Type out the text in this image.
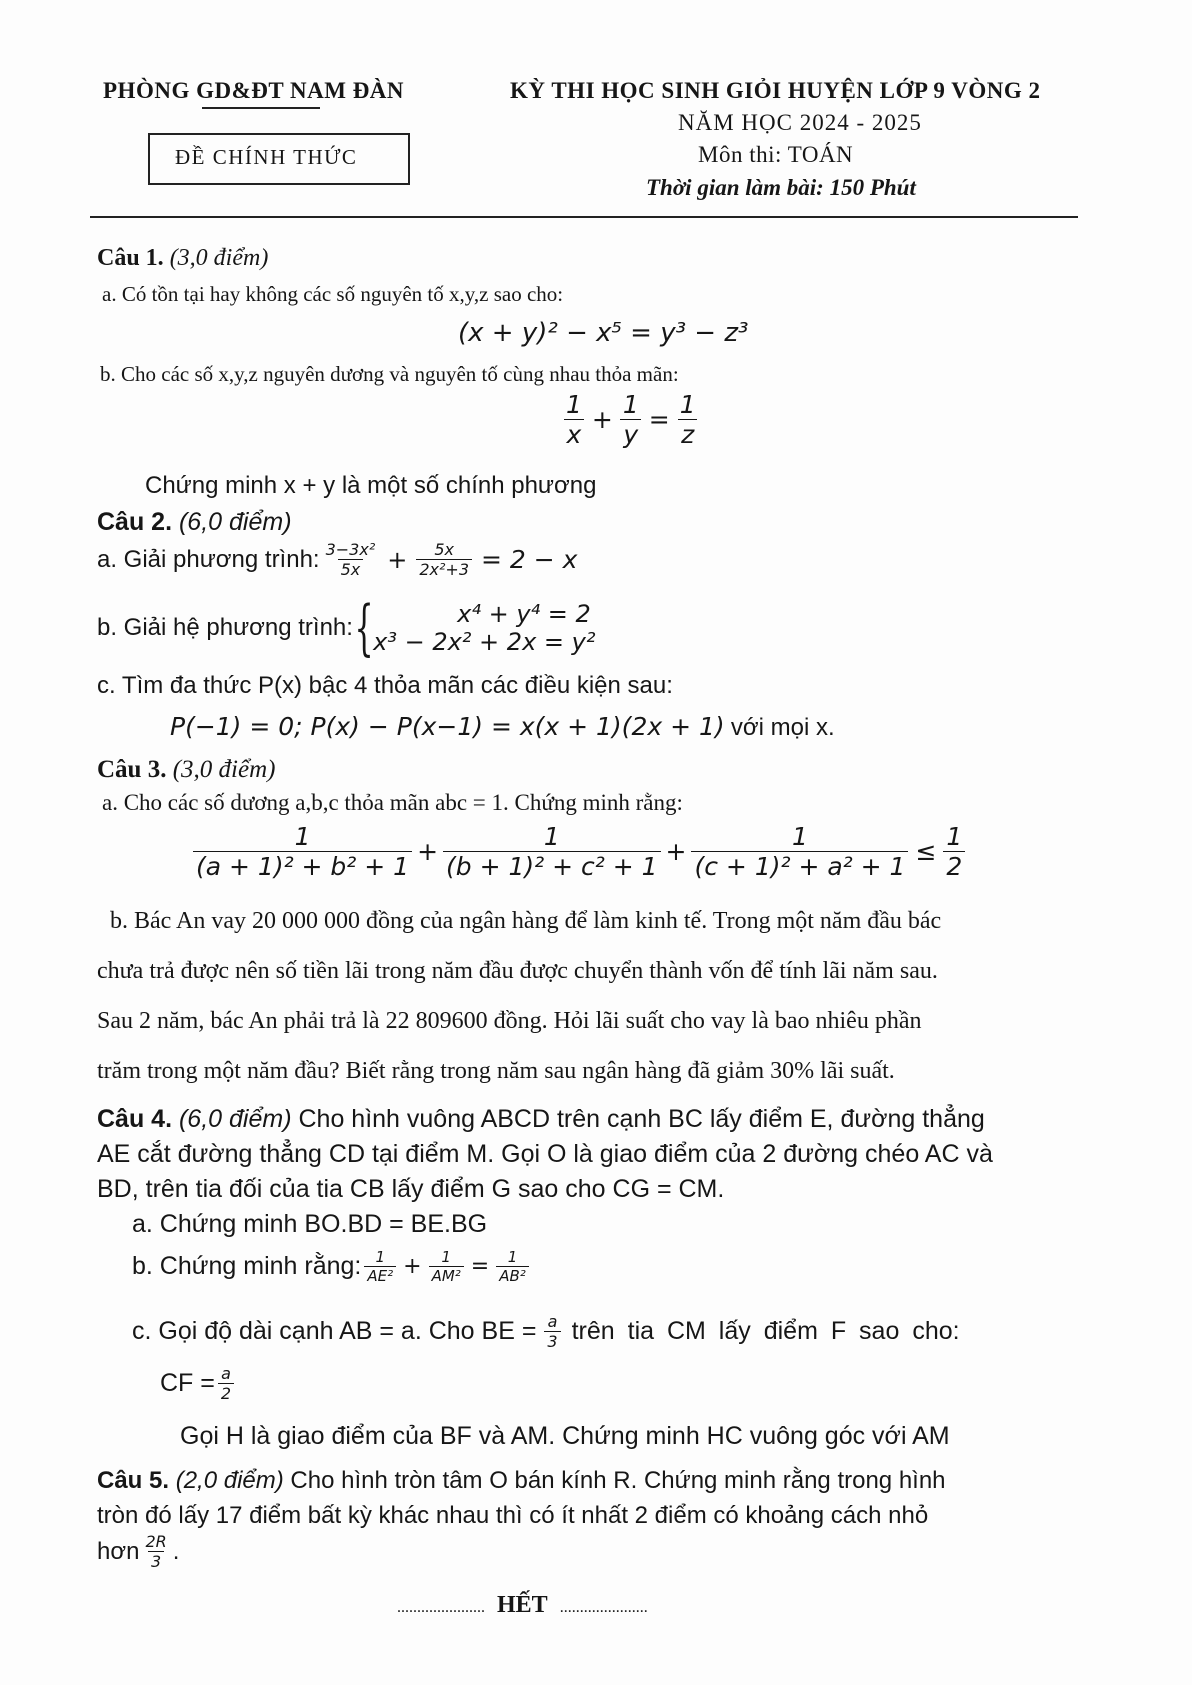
PHÒNG GD&ĐT NAM ĐÀN
ĐỀ CHÍNH THỨC
KỲ THI HỌC SINH GIỎI HUYỆN LỚP 9 VÒNG 2
NĂM HỌC 2024 - 2025
Môn thi: TOÁN
Thời gian làm bài: 150 Phút
Câu 1. (3,0 điểm)
a. Có tồn tại hay không các số nguyên tố x,y,z sao cho:
(x + y)² − x⁵ = y³ − z³
b. Cho các số x,y,z nguyên dương và nguyên tố cùng nhau thỏa mãn:
$\frac{1}{x} + \frac{1}{y} = \frac{1}{z}$
Chứng minh x + y là một số chính phương
Câu 2. (6,0 điểm)
a. Giải phương trình: $\frac{\text{3−3x²}}{5x} + \frac{5x}{\text{2x²+3}} = 2 - x$
b. Giải hệ phương trình: {	x⁴ + y⁴ = 2
x³ − 2x² + 2x = y²
c. Tìm đa thức P(x) bậc 4 thỏa mãn các điều kiện sau:
P(−1) = 0; P(x) − P(x−1) = x(x + 1)(2x + 1) với mọi x.
Câu 3. (3,0 điểm)
a. Cho các số dương a,b,c thỏa mãn abc = 1. Chứng minh rằng:
$\frac{1}{\text{(a + 1)² + b² + 1}} + \frac{1}{\text{(b + 1)² + c² + 1}} + \frac{1}{\text{(c + 1)² + a² + 1}} \le \frac{1}{2}$
b. Bác An vay 20 000 000 đồng của ngân hàng để làm kinh tế. Trong một năm đầu bác
chưa trả được nên số tiền lãi trong năm đầu được chuyển thành vốn để tính lãi năm sau.
Sau 2 năm, bác An phải trả là 22 809600 đồng. Hỏi lãi suất cho vay là bao nhiêu phần
trăm trong một năm đầu? Biết rằng trong năm sau ngân hàng đã giảm 30% lãi suất.
Câu 4. (6,0 điểm) Cho hình vuông ABCD trên cạnh BC lấy điểm E, đường thẳng
AE cắt đường thẳng CD tại điểm M. Gọi O là giao điểm của 2 đường chéo AC và
BD, trên tia đối của tia CB lấy điểm G sao cho CG = CM.
a. Chứng minh BO.BD = BE.BG
b. Chứng minh rằng: $\frac{1}{\text{AE²}} + \frac{1}{\text{AM²}} = \frac{1}{\text{AB²}}$
c. Gọi độ dài cạnh AB = a. Cho BE = $\frac{a}{3}$ trên tia CM lấy điểm F sao cho:
CF = $\frac{a}{2}$
Gọi H là giao điểm của BF và AM. Chứng minh HC vuông góc với AM
Câu 5. (2,0 điểm) Cho hình tròn tâm O bán kính R. Chứng minh rằng trong hình
tròn đó lấy 17 điểm bất kỳ khác nhau thì có ít nhất 2 điểm có khoảng cách nhỏ
hơn $\frac{2R}{3}$ .
...................... HẾT ......................
